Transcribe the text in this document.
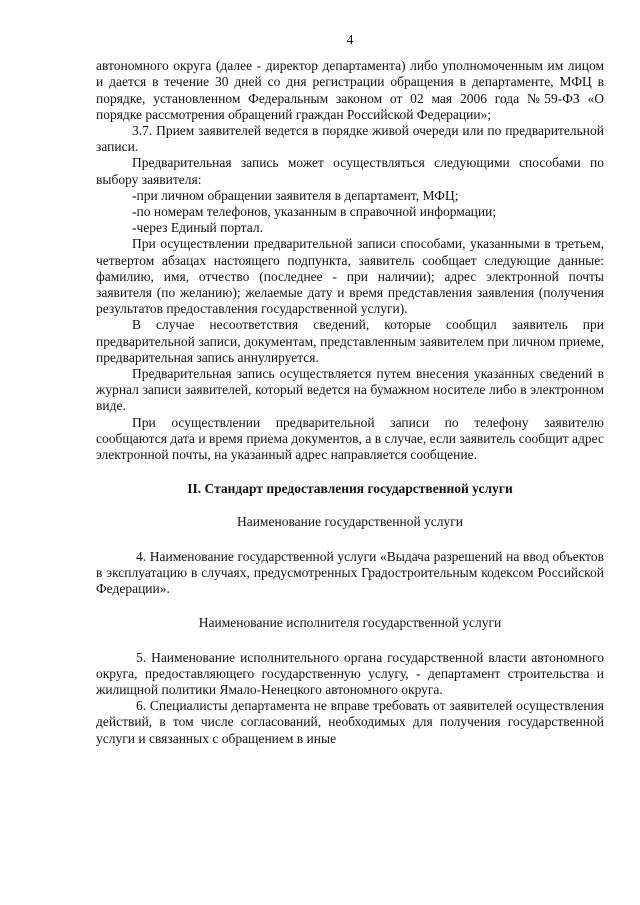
4

автономного округа (далее - директор департамента) либо уполномоченным им лицом и дается в течение 30 дней со дня регистрации обращения в департаменте, МФЦ в порядке, установленном Федеральным законом от 02 мая 2006 года №59-ФЗ «О порядке рассмотрения обращений граждан Российской Федерации»;

3.7. Прием заявителей ведется в порядке живой очереди или по предварительной записи.

Предварительная запись может осуществляться следующими способами по выбору заявителя:

-при личном обращении заявителя в департамент, МФЦ;

-по номерам телефонов, указанным в справочной информации;

-через Единый портал.

При осуществлении предварительной записи способами, указанными в третьем, четвертом абзацах настоящего подпункта, заявитель сообщает следующие данные: фамилию, имя, отчество (последнее - при наличии); адрес электронной почты заявителя (по желанию); желаемые дату и время представления заявления (получения результатов предоставления государственной услуги).

В случае несоответствия сведений, которые сообщил заявитель при предварительной записи, документам, представленным заявителем при личном приеме, предварительная запись аннулируется.

Предварительная запись осуществляется путем внесения указанных сведений в журнал записи заявителей, который ведется на бумажном носителе либо в электронном виде.

При осуществлении предварительной записи по телефону заявителю сообщаются дата и время приема документов, а в случае, если заявитель сообщит адрес электронной почты, на указанный адрес направляется сообщение.

II. Стандарт предоставления государственной услуги
Наименование государственной услуги

4. Наименование государственной услуги «Выдача разрешений на ввод объектов в эксплуатацию в случаях, предусмотренных Градостроительным кодексом Российской Федерации».

Наименование исполнителя государственной услуги

5. Наименование исполнительного органа государственной власти автономного округа, предоставляющего государственную услугу, - департамент строительства и жилищной политики Ямало-Ненецкого автономного округа.

6. Специалисты департамента не вправе требовать от заявителей осуществления действий, в том числе согласований, необходимых для получения государственной услуги и связанных с обращением в иные
